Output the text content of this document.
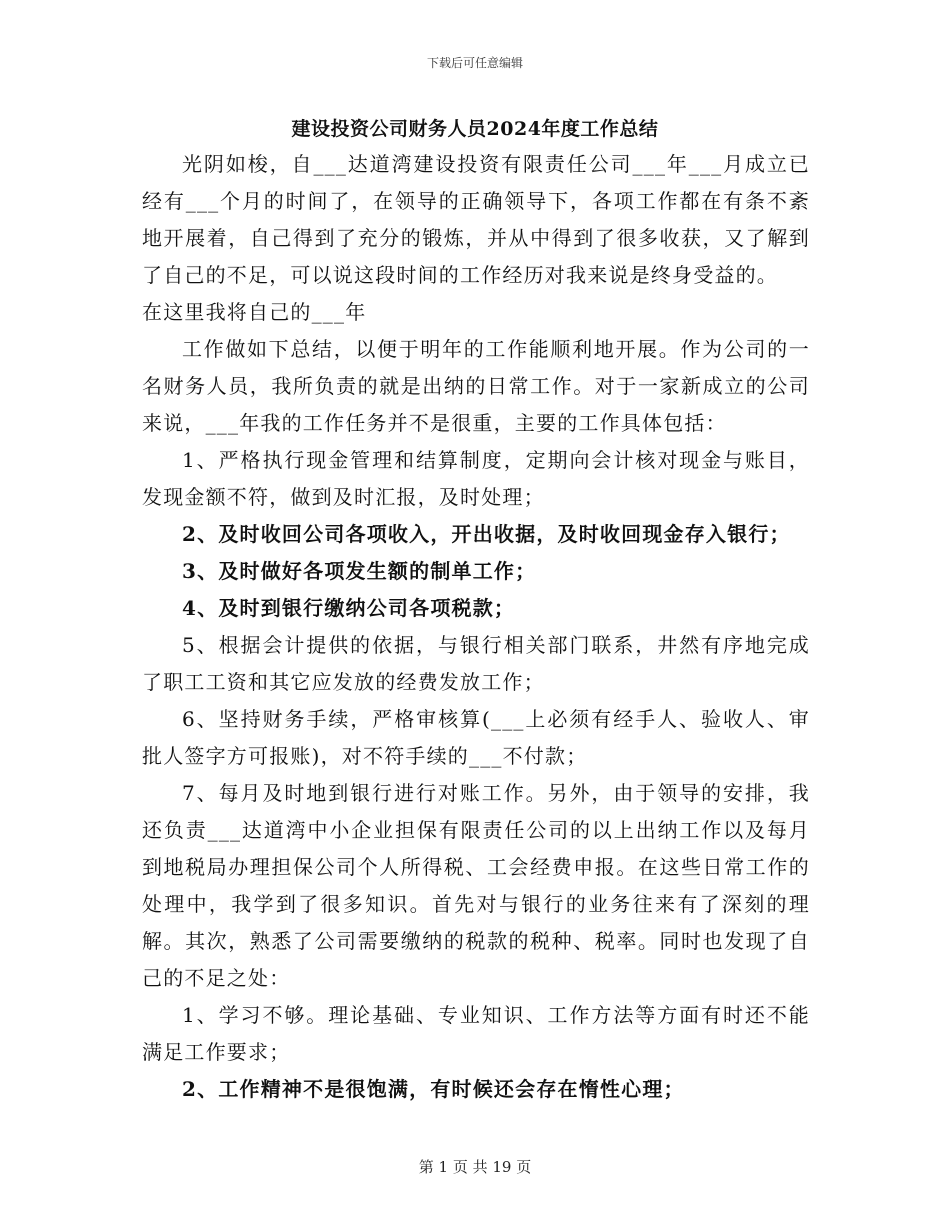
下载后可任意编辑
建设投资公司财务人员2024年度工作总结

光阴如梭，自___达道湾建设投资有限责任公司___年___月成立已经有___个月的时间了，在领导的正确领导下，各项工作都在有条不紊地开展着，自己得到了充分的锻炼，并从中得到了很多收获，又了解到了自己的不足，可以说这段时间的工作经历对我来说是终身受益的。

在这里我将自己的___年

工作做如下总结，以便于明年的工作能顺利地开展。作为公司的一名财务人员，我所负责的就是出纳的日常工作。对于一家新成立的公司来说，___年我的工作任务并不是很重，主要的工作具体包括：

1、严格执行现金管理和结算制度，定期向会计核对现金与账目，发现金额不符，做到及时汇报，及时处理；

2、及时收回公司各项收入，开出收据，及时收回现金存入银行；

3、及时做好各项发生额的制单工作；

4、及时到银行缴纳公司各项税款；

5、根据会计提供的依据，与银行相关部门联系，井然有序地完成了职工工资和其它应发放的经费发放工作；

6、坚持财务手续，严格审核算(___上必须有经手人、验收人、审批人签字方可报账)，对不符手续的___不付款；

7、每月及时地到银行进行对账工作。另外，由于领导的安排，我还负责___达道湾中小企业担保有限责任公司的以上出纳工作以及每月到地税局办理担保公司个人所得税、工会经费申报。在这些日常工作的处理中，我学到了很多知识。首先对与银行的业务往来有了深刻的理解。其次，熟悉了公司需要缴纳的税款的税种、税率。同时也发现了自己的不足之处：

1、学习不够。理论基础、专业知识、工作方法等方面有时还不能满足工作要求；

2、工作精神不是很饱满，有时候还会存在惰性心理；

第 1 页 共 19 页
